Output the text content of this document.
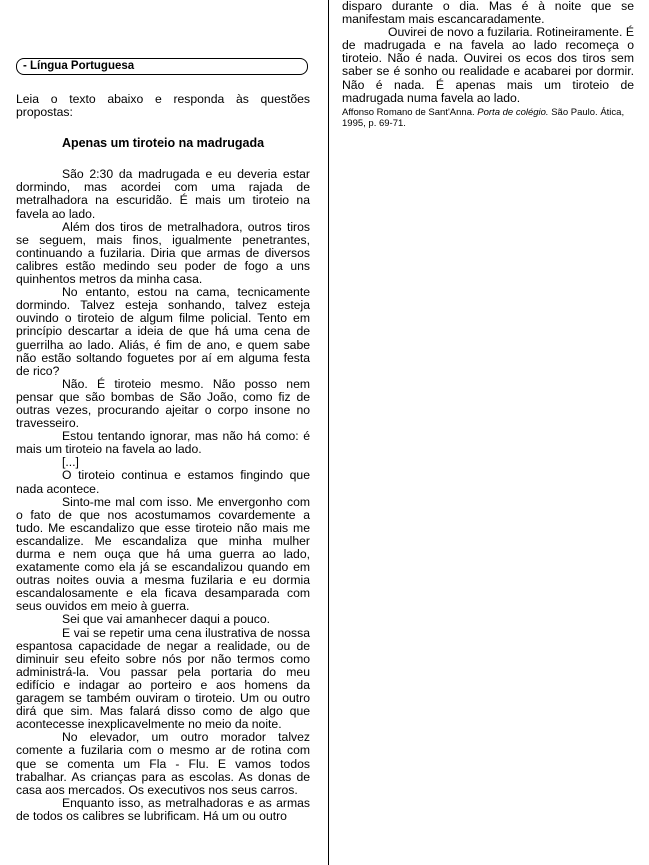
- Língua Portuguesa

Leia o texto abaixo e responda às questões propostas:

Apenas um tiroteio na madrugada

São 2:30 da madrugada e eu deveria estar dormindo, mas acordei com uma rajada de metralhadora na escuridão. É mais um tiroteio na favela ao lado.

Além dos tiros de metralhadora, outros tiros se seguem, mais finos, igualmente penetrantes, continuando a fuzilaria. Diria que armas de diversos calibres estão medindo seu poder de fogo a uns quinhentos metros da minha casa.

No entanto, estou na cama, tecnicamente dormindo. Talvez esteja sonhando, talvez esteja ouvindo o tiroteio de algum filme policial. Tento em princípio descartar a ideia de que há uma cena de guerrilha ao lado. Aliás, é fim de ano, e quem sabe não estão soltando foguetes por aí em alguma festa de rico?

Não. É tiroteio mesmo. Não posso nem pensar que são bombas de São João, como fiz de outras vezes, procurando ajeitar o corpo insone no travesseiro.

Estou tentando ignorar, mas não há como: é mais um tiroteio na favela ao lado.

[...]

O tiroteio continua e estamos fingindo que nada acontece.

Sinto-me mal com isso. Me envergonho com o fato de que nos acostumamos covardemente a tudo. Me escandalizo que esse tiroteio não mais me escandalize. Me escandaliza que minha mulher durma e nem ouça que há uma guerra ao lado, exatamente como ela já se escandalizou quando em outras noites ouvia a mesma fuzilaria e eu dormia escandalosamente e ela ficava desamparada com seus ouvidos em meio à guerra.

Sei que vai amanhecer daqui a pouco.

E vai se repetir uma cena ilustrativa de nossa espantosa capacidade de negar a realidade, ou de diminuir seu efeito sobre nós por não termos como administrá-la. Vou passar pela portaria do meu edifício e indagar ao porteiro e aos homens da garagem se também ouviram o tiroteio. Um ou outro dirá que sim. Mas falará disso como de algo que acontecesse inexplicavelmente no meio da noite.

No elevador, um outro morador talvez comente a fuzilaria com o mesmo ar de rotina com que se comenta um Fla - Flu. E vamos todos trabalhar. As crianças para as escolas. As donas de casa aos mercados. Os executivos nos seus carros.

Enquanto isso, as metralhadoras e as armas de todos os calibres se lubrificam. Há um ou outro

disparo durante o dia. Mas é à noite que se manifestam mais escancaradamente.

Ouvirei de novo a fuzilaria. Rotineiramente. É de madrugada e na favela ao lado recomeça o tiroteio. Não é nada. Ouvirei os ecos dos tiros sem saber se é sonho ou realidade e acabarei por dormir. Não é nada. É apenas mais um tiroteio de madrugada numa favela ao lado.

Affonso Romano de Sant'Anna. Porta de colégio. São Paulo. Ática, 1995, p. 69-71.
